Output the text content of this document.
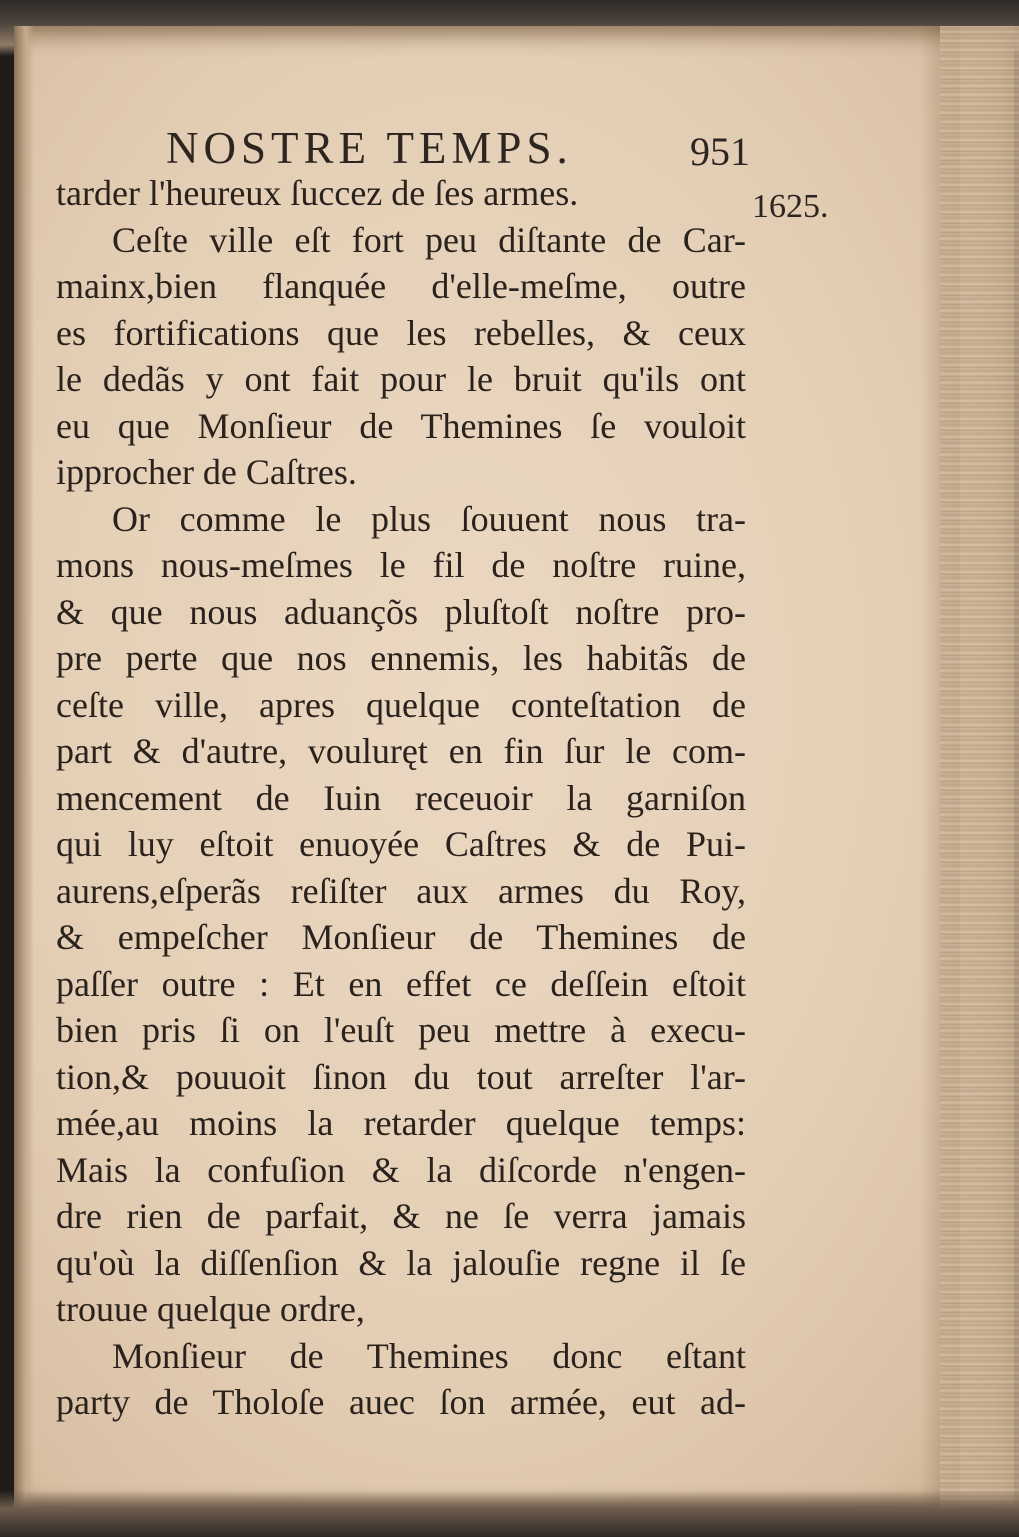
NOSTRE TEMPS.	951
1625.
tarder l'heureux ſuccez de ſes armes.
Ceſte ville eſt fort peu diſtante de Car-
mainx,bien flanquée d'elle-meſme, outre
es fortifications que les rebelles, & ceux
le dedãs y ont fait pour le bruit qu'ils ont
eu que Monſieur de Themines ſe vouloit
ipprocher de Caſtres.
Or comme le plus ſouuent nous tra-
mons nous-meſmes le fil de noſtre ruine,
& que nous aduançõs pluſtoſt noſtre pro-
pre perte que nos ennemis, les habitãs de
ceſte ville, apres quelque conteſtation de
part & d'autre, vouluręt en fin ſur le com-
mencement de Iuin receuoir la garniſon
qui luy eſtoit enuoyée Caſtres & de Pui-
aurens,eſperãs reſiſter aux armes du Roy,
& empeſcher Monſieur de Themines de
paſſer outre : Et en effet ce deſſein eſtoit
bien pris ſi on l'euſt peu mettre à execu-
tion,& pouuoit ſinon du tout arreſter l'ar-
mée,au moins la retarder quelque temps:
Mais la confuſion & la diſcorde n'engen-
dre rien de parfait, & ne ſe verra jamais
qu'où la diſſenſion & la jalouſie regne il ſe
trouue quelque ordre,
Monſieur de Themines donc eſtant
party de Tholoſe auec ſon armée, eut ad-
